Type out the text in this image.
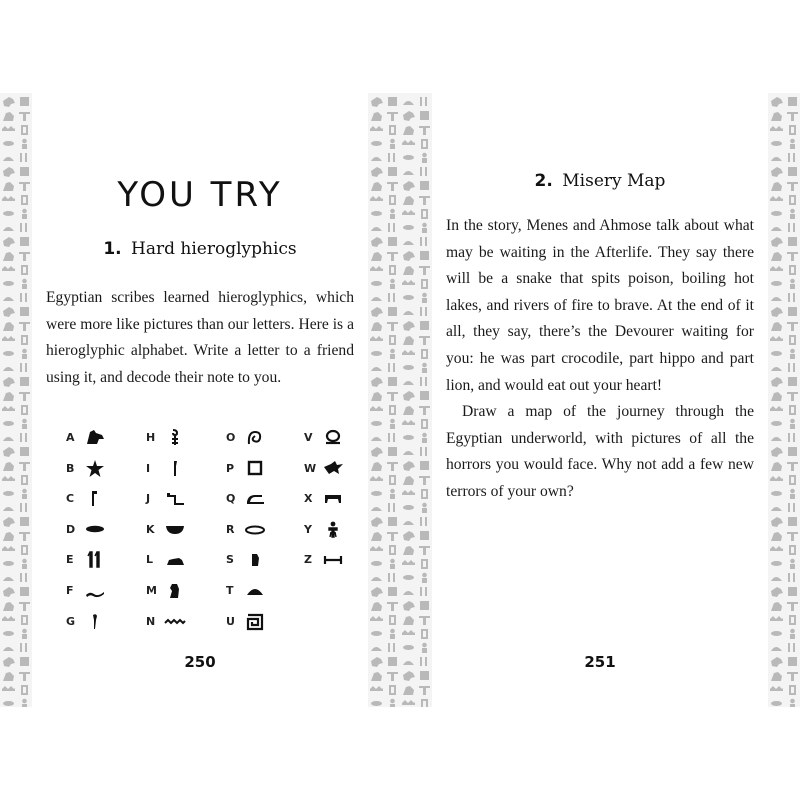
YOU TRY
1. Hard hieroglyphics
Egyptian scribes learned hieroglyphics, which were more like pictures than our letters. Here is a hieroglyphic alphabet. Write a letter to a friend using it, and decode their note to you.
A
B
C
D
E
F
G
H
I
J
K
L
M
N
O
P
Q
R
S
T
U
V
W
X
Y
Z
250
2. Misery Map

In the story, Menes and Ahmose talk about what may be waiting in the Afterlife. They say there will be a snake that spits poison, boiling hot lakes, and rivers of fire to brave. At the end of it all, they say, there’s the Devourer waiting for you: he was part crocodile, part hippo and part lion, and would eat out your heart!

Draw a map of the journey through the Egyptian underworld, with pictures of all the horrors you would face. Why not add a few new terrors of your own?

251
